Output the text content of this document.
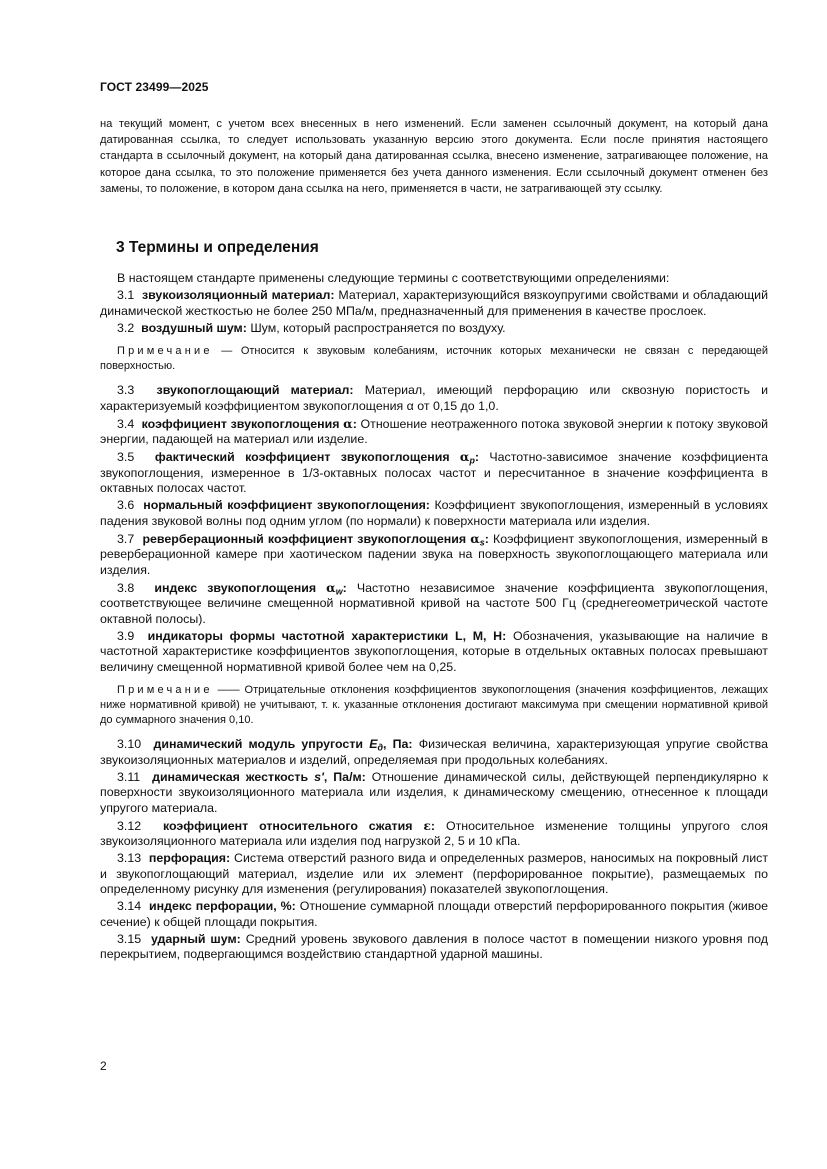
ГОСТ 23499—2025
на текущий момент, с учетом всех внесенных в него изменений. Если заменен ссылочный документ, на который дана датированная ссылка, то следует использовать указанную версию этого документа. Если после принятия настоящего стандарта в ссылочный документ, на который дана датированная ссылка, внесено изменение, затрагивающее положение, на которое дана ссылка, то это положение применяется без учета данного изменения. Если ссылочный документ отменен без замены, то положение, в котором дана ссылка на него, применяется в части, не затрагивающей эту ссылку.
3 Термины и определения

В настоящем стандарте применены следующие термины с соответствующими определениями:

3.1 звукоизоляционный материал: Материал, характеризующийся вязкоупругими свойствами и обладающий динамической жесткостью не более 250 МПа/м, предназначенный для применения в качестве прослоек.

3.2 воздушный шум: Шум, который распространяется по воздуху.

Примечание — Относится к звуковым колебаниям, источник которых механически не связан с передающей поверхностью.

3.3 звукопоглощающий материал: Материал, имеющий перфорацию или сквозную пористость и характеризуемый коэффициентом звукопоглощения α от 0,15 до 1,0.

3.4 коэффициент звукопоглощения α: Отношение неотраженного потока звуковой энергии к потоку звуковой энергии, падающей на материал или изделие.

3.5 фактический коэффициент звукопоглощения $\alpha_p$: Частотно-зависимое значение коэффициента звукопоглощения, измеренное в 1/3-октавных полосах частот и пересчитанное в значение коэффициента в октавных полосах частот.

3.6 нормальный коэффициент звукопоглощения: Коэффициент звукопоглощения, измеренный в условиях падения звуковой волны под одним углом (по нормали) к поверхности материала или изделия.

3.7 реверберационный коэффициент звукопоглощения $\alpha_s$: Коэффициент звукопоглощения, измеренный в реверберационной камере при хаотическом падении звука на поверхность звукопоглощающего материала или изделия.

3.8 индекс звукопоглощения $\alpha_w$: Частотно независимое значение коэффициента звукопоглощения, соответствующее величине смещенной нормативной кривой на частоте 500 Гц (среднегеометрической частоте октавной полосы).

3.9 индикаторы формы частотной характеристики L, M, H: Обозначения, указывающие на наличие в частотной характеристике коэффициентов звукопоглощения, которые в отдельных октавных полосах превышают величину смещенной нормативной кривой более чем на 0,25.

Примечание —— Отрицательные отклонения коэффициентов звукопоглощения (значения коэффициентов, лежащих ниже нормативной кривой) не учитывают, т. к. указанные отклонения достигают максимума при смещении нормативной кривой до суммарного значения 0,10.

3.10 динамический модуль упругости $E_д$, Па: Физическая величина, характеризующая упругие свойства звукоизоляционных материалов и изделий, определяемая при продольных колебаниях.

3.11 динамическая жесткость s', Па/м: Отношение динамической силы, действующей перпендикулярно к поверхности звукоизоляционного материала или изделия, к динамическому смещению, отнесенное к площади упругого материала.

3.12 коэффициент относительного сжатия ε: Относительное изменение толщины упругого слоя звукоизоляционного материала или изделия под нагрузкой 2, 5 и 10 кПа.

3.13 перфорация: Система отверстий разного вида и определенных размеров, наносимых на покровный лист и звукопоглощающий материал, изделие или их элемент (перфорированное покрытие), размещаемых по определенному рисунку для изменения (регулирования) показателей звукопоглощения.

3.14 индекс перфорации, %: Отношение суммарной площади отверстий перфорированного покрытия (живое сечение) к общей площади покрытия.

3.15 ударный шум: Средний уровень звукового давления в полосе частот в помещении низкого уровня под перекрытием, подвергающимся воздействию стандартной ударной машины.

2
